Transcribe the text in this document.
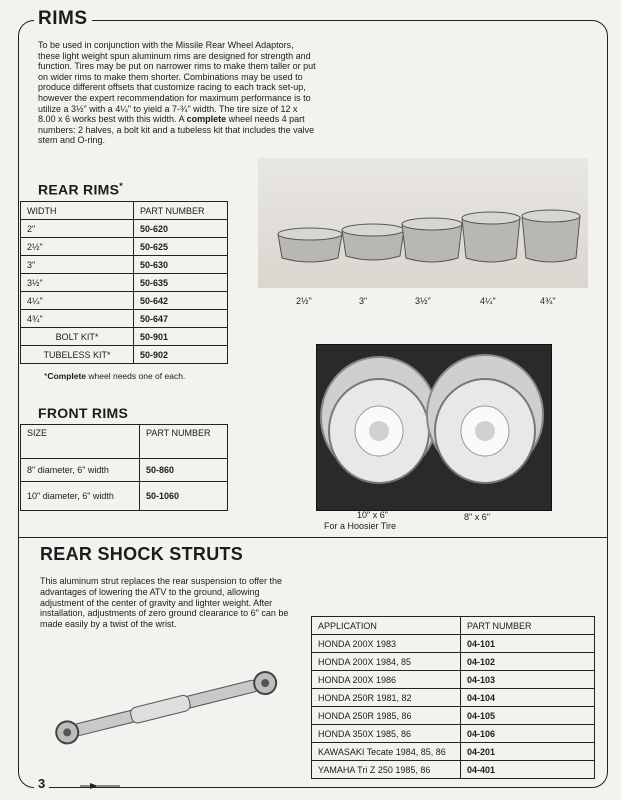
RIMS

To be used in conjunction with the Missile Rear Wheel Adaptors, these light weight spun aluminum rims are designed for strength and function. Tires may be put on narrower rims to make them taller or put on wider rims to make them shorter. Combinations may be used to produce different offsets that customize racing to each track set-up, however the expert recommendation for maximum performance is to utilize a 3½" with a 4¼" to yield a 7-¾" width. The tire size of 12 x 8.00 x 6 works best with this width. A complete wheel needs 4 part numbers: 2 halves, a bolt kit and a tubeless kit that includes the valve stem and O-ring.

REAR RIMS*
WIDTH	PART NUMBER
2"	50-620
2½"	50-625
3"	50-630
3½"	50-635
4¼"	50-642
4¾"	50-647
BOLT KIT*	50-901
TUBELESS KIT*	50-902
*Complete wheel needs one of each.
2½"	3"	3½"	4¼"	4¾"
FRONT RIMS
SIZE	PART NUMBER
8" diameter, 6" width	50-860
10" diameter, 6" width	50-1060
10" x 6"
For a Hoosier Tire
8" x 6"
REAR SHOCK STRUTS

This aluminum strut replaces the rear suspension to offer the advantages of lowering the ATV to the ground, allowing adjustment of the center of gravity and lighter weight. After installation, adjustments of zero ground clearance to 6" can be made easily by a twist of the wrist.	APPLICATION	PART NUMBER
HONDA 200X 1983	04-101
HONDA 200X 1984, 85	04-102
HONDA 200X 1986	04-103
HONDA 250R 1981, 82	04-104
HONDA 250R 1985, 86	04-105
HONDA 350X 1985, 86	04-106
KAWASAKI Tecate 1984, 85, 86	04-201
YAMAHA Tri Z 250 1985, 86	04-401
3
